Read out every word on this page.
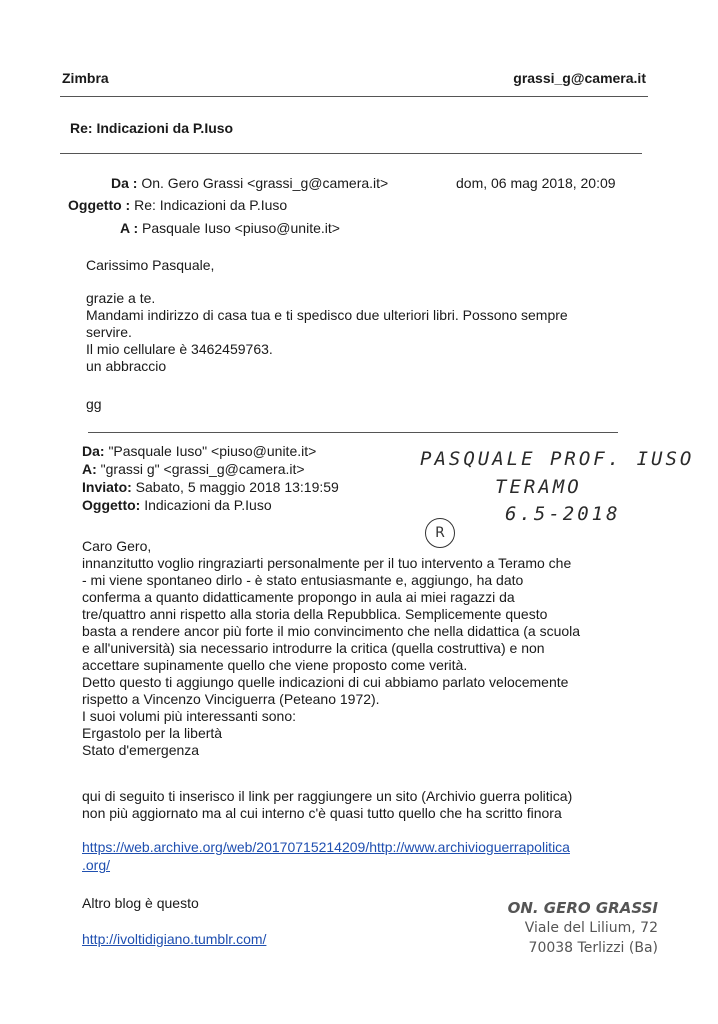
Zimbra	grassi_g@camera.it
Re: Indicazioni da P.Iuso
Da : On. Gero Grassi <grassi_g@camera.it>	dom, 06 mag 2018, 20:09
Oggetto : Re: Indicazioni da P.Iuso
A : Pasquale Iuso <piuso@unite.it>
Carissimo Pasquale,
grazie a te.
Mandami indirizzo di casa tua e ti spedisco due ulteriori libri. Possono sempre
servire.
Il mio cellulare è 3462459763.
un abbraccio
gg
Da: "Pasquale Iuso" <piuso@unite.it>
A: "grassi g" <grassi_g@camera.it>
Inviato: Sabato, 5 maggio 2018 13:19:59
Oggetto: Indicazioni da P.Iuso
PASQUALE PROF. IUSO
TERAMO
6.5-2018
R
Caro Gero,
innanzitutto voglio ringraziarti personalmente per il tuo intervento a Teramo che
- mi viene spontaneo dirlo - è stato entusiasmante e, aggiungo, ha dato
conferma a quanto didatticamente propongo in aula ai miei ragazzi da
tre/quattro anni rispetto alla storia della Repubblica. Semplicemente questo
basta a rendere ancor più forte il mio convincimento che nella didattica (a scuola
e all'università) sia necessario introdurre la critica (quella costruttiva) e non
accettare supinamente quello che viene proposto come verità.
Detto questo ti aggiungo quelle indicazioni di cui abbiamo parlato velocemente
rispetto a Vincenzo Vinciguerra (Peteano 1972).
I suoi volumi più interessanti sono:
Ergastolo per la libertà
Stato d'emergenza
qui di seguito ti inserisco il link per raggiungere un sito (Archivio guerra politica)
non più aggiornato ma al cui interno c'è quasi tutto quello che ha scritto finora
https://web.archive.org/web/20170715214209/http://www.archivioguerrapolitica
.org/
Altro blog è questo
http://ivoltidigiano.tumblr.com/
ON. GERO GRASSI
Viale del Lilium, 72
70038 Terlizzi (Ba)
